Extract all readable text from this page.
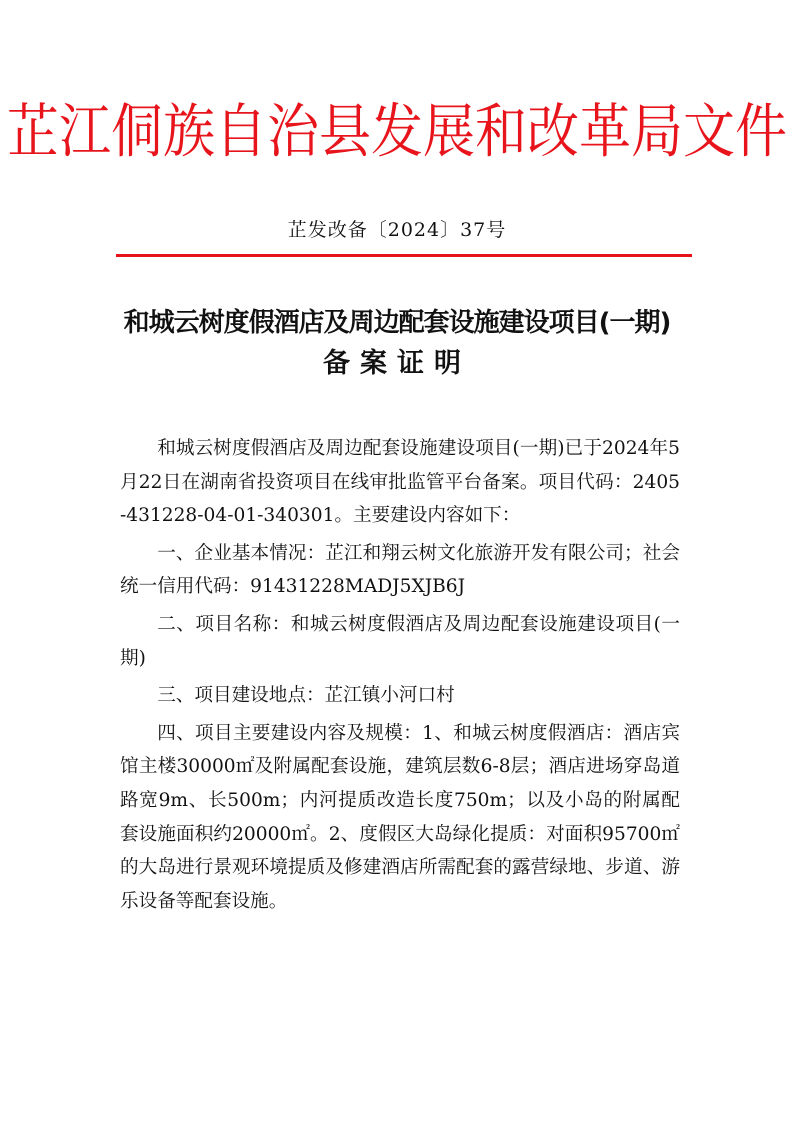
芷江侗族自治县发展和改革局文件
芷发改备〔2024〕37号
和城云树度假酒店及周边配套设施建设项目(一期)
备案证明

和城云树度假酒店及周边配套设施建设项目(一期)已于2024年5月22日在湖南省投资项目在线审批监管平台备案。项目代码：2405-431228-04-01-340301。主要建设内容如下：

一、企业基本情况：芷江和翔云树文化旅游开发有限公司；社会统一信用代码：91431228MADJ5XJB6J

二、项目名称：和城云树度假酒店及周边配套设施建设项目(一期)

三、项目建设地点：芷江镇小河口村

四、项目主要建设内容及规模：1、和城云树度假酒店：酒店宾馆主楼30000㎡及附属配套设施，建筑层数6-8层；酒店进场穿岛道路宽9m、长500m；内河提质改造长度750m；以及小岛的附属配套设施面积约20000㎡。2、度假区大岛绿化提质：对面积95700㎡的大岛进行景观环境提质及修建酒店所需配套的露营绿地、步道、游乐设备等配套设施。
